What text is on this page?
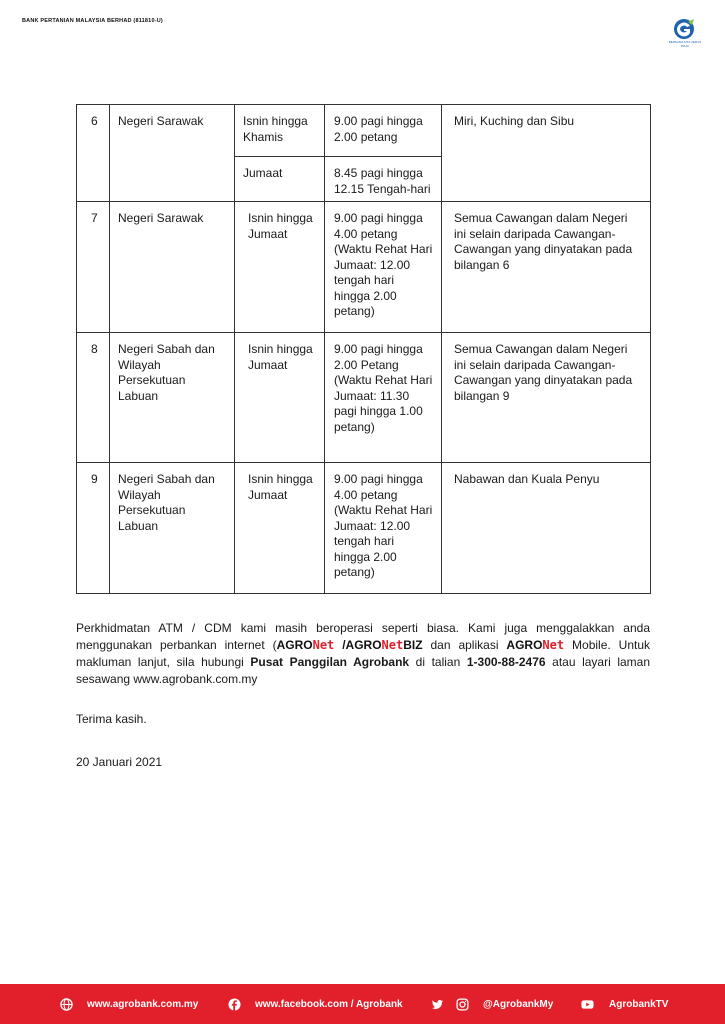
BANK PERTANIAN MALAYSIA BERHAD (811810-U)
BERSAMA KITA TERUS MAJU
6	Negeri Sarawak	Isnin hingga Khamis	9.00 pagi hingga 2.00 petang	Miri, Kuching dan Sibu
		Jumaat	8.45 pagi hingga 12.15 Tengah-hari	
7	Negeri Sarawak	Isnin hingga Jumaat	9.00 pagi hingga 4.00 petang (Waktu Rehat Hari Jumaat: 12.00 tengah hari hingga 2.00 petang)	Semua Cawangan dalam Negeri ini selain daripada Cawangan-Cawangan yang dinyatakan pada bilangan 6
8	Negeri Sabah dan Wilayah Persekutuan Labuan	Isnin hingga Jumaat	9.00 pagi hingga 2.00 Petang (Waktu Rehat Hari Jumaat: 11.30 pagi hingga 1.00 petang)	Semua Cawangan dalam Negeri ini selain daripada Cawangan-Cawangan yang dinyatakan pada bilangan 9
9	Negeri Sabah dan Wilayah Persekutuan Labuan	Isnin hingga Jumaat	9.00 pagi hingga 4.00 petang (Waktu Rehat Hari Jumaat: 12.00 tengah hari hingga 2.00 petang)	Nabawan dan Kuala Penyu
Perkhidmatan ATM / CDM kami masih beroperasi seperti biasa. Kami juga menggalakkan anda menggunakan perbankan internet (AGRONet /AGRONetBIZ dan aplikasi AGRONet Mobile. Untuk makluman lanjut, sila hubungi Pusat Panggilan Agrobank di talian 1-300-88-2476 atau layari laman sesawang www.agrobank.com.my
Terima kasih.
20 Januari 2021
www.agrobank.com.my	www.facebook.com / Agrobank	@AgrobankMy	AgrobankTV
